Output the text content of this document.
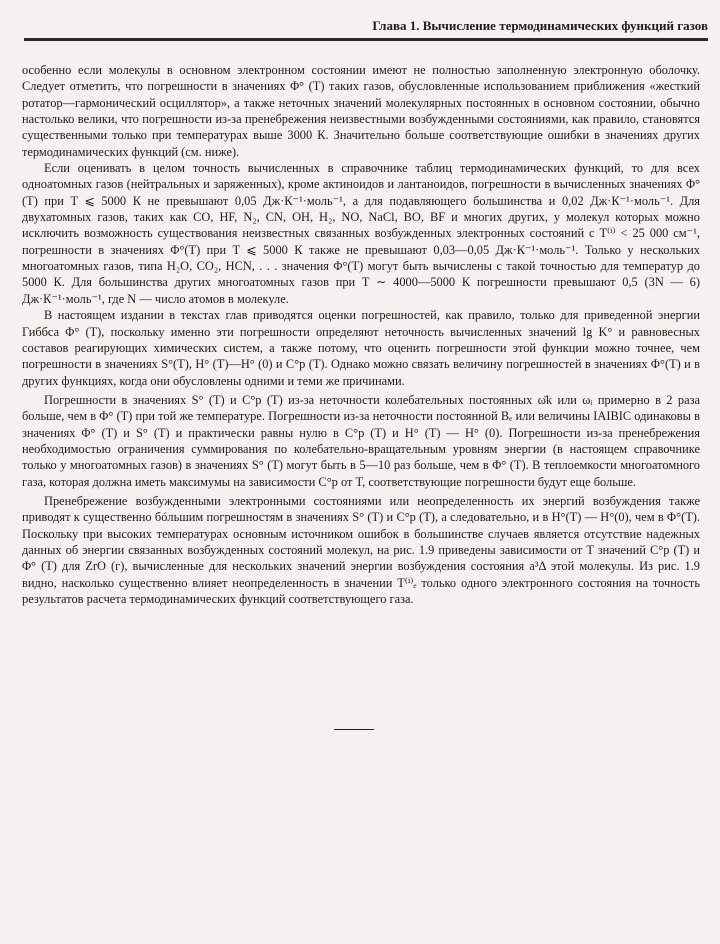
Глава 1. Вычисление термодинамических функций газов

особенно если молекулы в основном электронном состоянии имеют не полностью заполненную электронную оболочку. Следует отметить, что погрешности в значениях Φ° (T) таких газов, обусловленные использованием приближения «жесткий ротатор—гармонический осциллятор», а также неточных значений молекулярных постоянных в основном состоянии, обычно настолько велики, что погрешности из-за пренебрежения неизвестными возбужденными состояниями, как правило, становятся существенными только при температурах выше 3000 К. Значительно больше соответствующие ошибки в значениях других термодинамических функций (см. ниже).

Если оценивать в целом точность вычисленных в справочнике таблиц термодинамических функций, то для всех одноатомных газов (нейтральных и заряженных), кроме актиноидов и лантаноидов, погрешности в вычисленных значениях Φ° (T) при T ⩽ 5000 К не превышают 0,05 Дж·К⁻¹·моль⁻¹, а для подавляющего большинства и 0,02 Дж·К⁻¹·моль⁻¹. Для двухатомных газов, таких как CO, HF, N₂, CN, OH, H₂, NO, NaCl, BO, BF и многих других, у молекул которых можно исключить возможность существования неизвестных связанных возбужденных электронных состояний с T⁽ⁱ⁾ < 25 000 см⁻¹, погрешности в значениях Φ°(T) при T ⩽ 5000 К также не превышают 0,03—0,05 Дж·К⁻¹·моль⁻¹. Только у нескольких многоатомных газов, типа H₂O, CO₂, HCN, . . . значения Φ°(T) могут быть вычислены с такой точностью для температур до 5000 К. Для большинства других многоатомных газов при T ∼ 4000—5000 К погрешности превышают 0,5 (3N — 6) Дж·К⁻¹·моль⁻¹, где N — число атомов в молекуле.

В настоящем издании в текстах глав приводятся оценки погрешностей, как правило, только для приведенной энергии Гиббса Φ° (T), поскольку именно эти погрешности определяют неточность вычисленных значений lg K° и равновесных составов реагирующих химических систем, а также потому, что оценить погрешности этой функции можно точнее, чем погрешности в значениях S°(T), H° (T)—H° (0) и C°p (T). Однако можно связать величину погрешностей в значениях Φ°(T) и в других функциях, когда они обусловлены одними и теми же причинами.

Погрешности в значениях S° (T) и C°p (T) из-за неточности колебательных постоянных ω̄k или ωᵢ примерно в 2 раза больше, чем в Φ° (T) при той же температуре. Погрешности из-за неточности постоянной Bₑ или величины IAIBIC одинаковы в значениях Φ° (T) и S° (T) и практически равны нулю в C°p (T) и H° (T) — H° (0). Погрешности из-за пренебрежения необходимостью ограничения суммирования по колебательно-вращательным уровням энергии (в настоящем справочнике только у многоатомных газов) в значениях S° (T) могут быть в 5—10 раз больше, чем в Φ° (T). В теплоемкости многоатомного газа, которая должна иметь максимумы на зависимости C°p от T, соответствующие погрешности будут еще больше.

Пренебрежение возбужденными электронными состояниями или неопределенность их энергий возбуждения также приводят к существенно бóльшим погрешностям в значениях S° (T) и C°p (T), а следовательно, и в H°(T) — H°(0), чем в Φ°(T). Поскольку при высоких температурах основным источником ошибок в большинстве случаев является отсутствие надежных данных об энергии связанных возбужденных состояний молекул, на рис. 1.9 приведены зависимости от T значений C°p (T) и Φ° (T) для ZrO (г), вычисленные для нескольких значений энергии возбуждения состояния a³Δ этой молекулы. Из рис. 1.9 видно, насколько существенно влияет неопределенность в значении T⁽ⁱ⁾ₑ только одного электронного состояния на точность результатов расчета термодинамических функций соответствующего газа.
